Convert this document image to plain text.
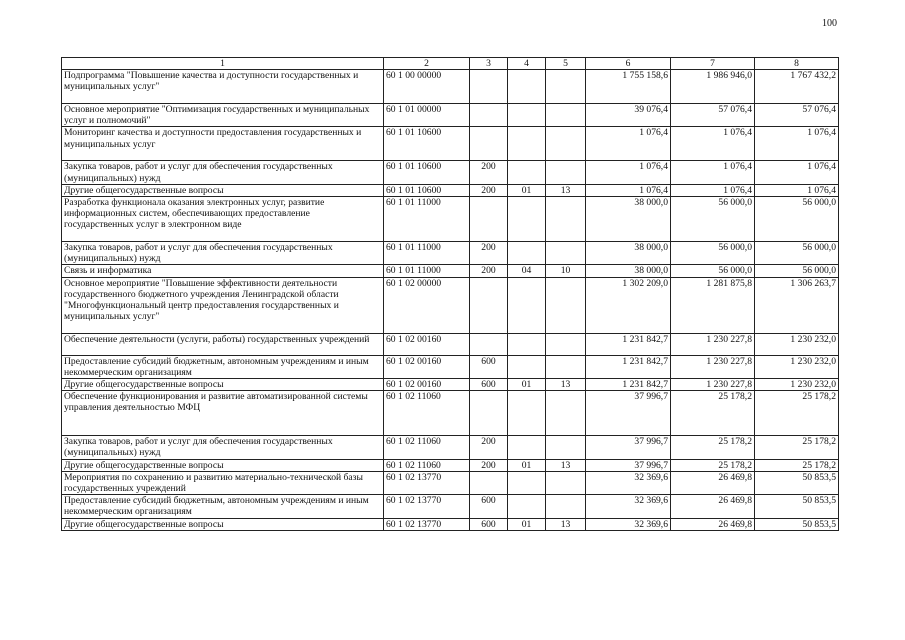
100
1	2	3	4	5	6	7	8
Подпрограмма "Повышение качества и доступности государственных и муниципальных услуг"	60 1 00 00000				1 755 158,6	1 986 946,0	1 767 432,2
Основное мероприятие "Оптимизация государственных и муниципальных услуг и полномочий"	60 1 01 00000				39 076,4	57 076,4	57 076,4
Мониторинг качества и доступности предоставления государственных и муниципальных услуг	60 1 01 10600				1 076,4	1 076,4	1 076,4
Закупка товаров, работ и услуг для обеспечения государственных (муниципальных) нужд	60 1 01 10600	200			1 076,4	1 076,4	1 076,4
Другие общегосударственные вопросы	60 1 01 10600	200	01	13	1 076,4	1 076,4	1 076,4
Разработка функционала оказания электронных услуг, развитие информационных систем, обеспечивающих предоставление государственных услуг в электронном виде	60 1 01 11000				38 000,0	56 000,0	56 000,0
Закупка товаров, работ и услуг для обеспечения государственных (муниципальных) нужд	60 1 01 11000	200			38 000,0	56 000,0	56 000,0
Связь и информатика	60 1 01 11000	200	04	10	38 000,0	56 000,0	56 000,0
Основное мероприятие "Повышение эффективности деятельности государственного бюджетного учреждения Ленинградской области "Многофункциональный центр предоставления государственных и муниципальных услуг"	60 1 02 00000				1 302 209,0	1 281 875,8	1 306 263,7
Обеспечение деятельности (услуги, работы) государственных учреждений	60 1 02 00160				1 231 842,7	1 230 227,8	1 230 232,0
Предоставление субсидий бюджетным, автономным учреждениям и иным некоммерческим организациям	60 1 02 00160	600			1 231 842,7	1 230 227,8	1 230 232,0
Другие общегосударственные вопросы	60 1 02 00160	600	01	13	1 231 842,7	1 230 227,8	1 230 232,0
Обеспечение функционирования и развитие автоматизированной системы управления деятельностью МФЦ	60 1 02 11060				37 996,7	25 178,2	25 178,2
Закупка товаров, работ и услуг для обеспечения государственных (муниципальных) нужд	60 1 02 11060	200			37 996,7	25 178,2	25 178,2
Другие общегосударственные вопросы	60 1 02 11060	200	01	13	37 996,7	25 178,2	25 178,2
Мероприятия по сохранению и развитию материально-технической базы государственных учреждений	60 1 02 13770				32 369,6	26 469,8	50 853,5
Предоставление субсидий бюджетным, автономным учреждениям и иным некоммерческим организациям	60 1 02 13770	600			32 369,6	26 469,8	50 853,5
Другие общегосударственные вопросы	60 1 02 13770	600	01	13	32 369,6	26 469,8	50 853,5
